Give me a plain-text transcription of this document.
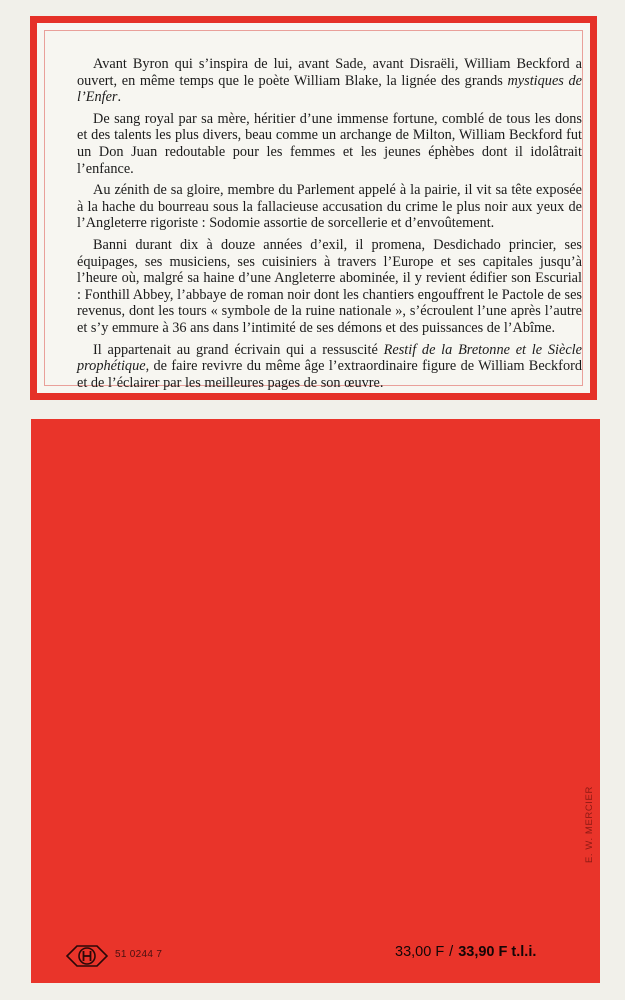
Avant Byron qui s’inspira de lui, avant Sade, avant Disraëli, William Beckford a ouvert, en même temps que le poète William Blake, la lignée des grands mystiques de l’Enfer.

De sang royal par sa mère, héritier d’une immense fortune, comblé de tous les dons et des talents les plus divers, beau comme un archange de Milton, William Beckford fut un Don Juan redoutable pour les femmes et les jeunes éphèbes dont il idolâtrait l’enfance.

Au zénith de sa gloire, membre du Parlement appelé à la pairie, il vit sa tête exposée à la hache du bourreau sous la fallacieuse accusation du crime le plus noir aux yeux de l’Angleterre rigoriste : Sodomie assortie de sorcellerie et d’envoûtement.

Banni durant dix à douze années d’exil, il promena, Desdichado princier, ses équipages, ses musiciens, ses cuisiniers à travers l’Europe et ses capitales jusqu’à l’heure où, malgré sa haine d’une Angleterre abominée, il y revient édifier son Escurial : Fonthill Abbey, l’abbaye de roman noir dont les chantiers engouffrent le Pactole de ses revenus, dont les tours « symbole de la ruine nationale », s’écroulent l’une après l’autre et s’y emmure à 36 ans dans l’intimité de ses démons et des puissances de l’Abîme.

Il appartenait au grand écrivain qui a ressuscité Restif de la Bretonne et le Siècle prophétique, de faire revivre du même âge l’extraordinaire figure de William Beckford et de l’éclairer par les meilleures pages de son œuvre.

E. W. MERCIER
51 0244 7	33,00 F / 33,90 F t.l.i.
